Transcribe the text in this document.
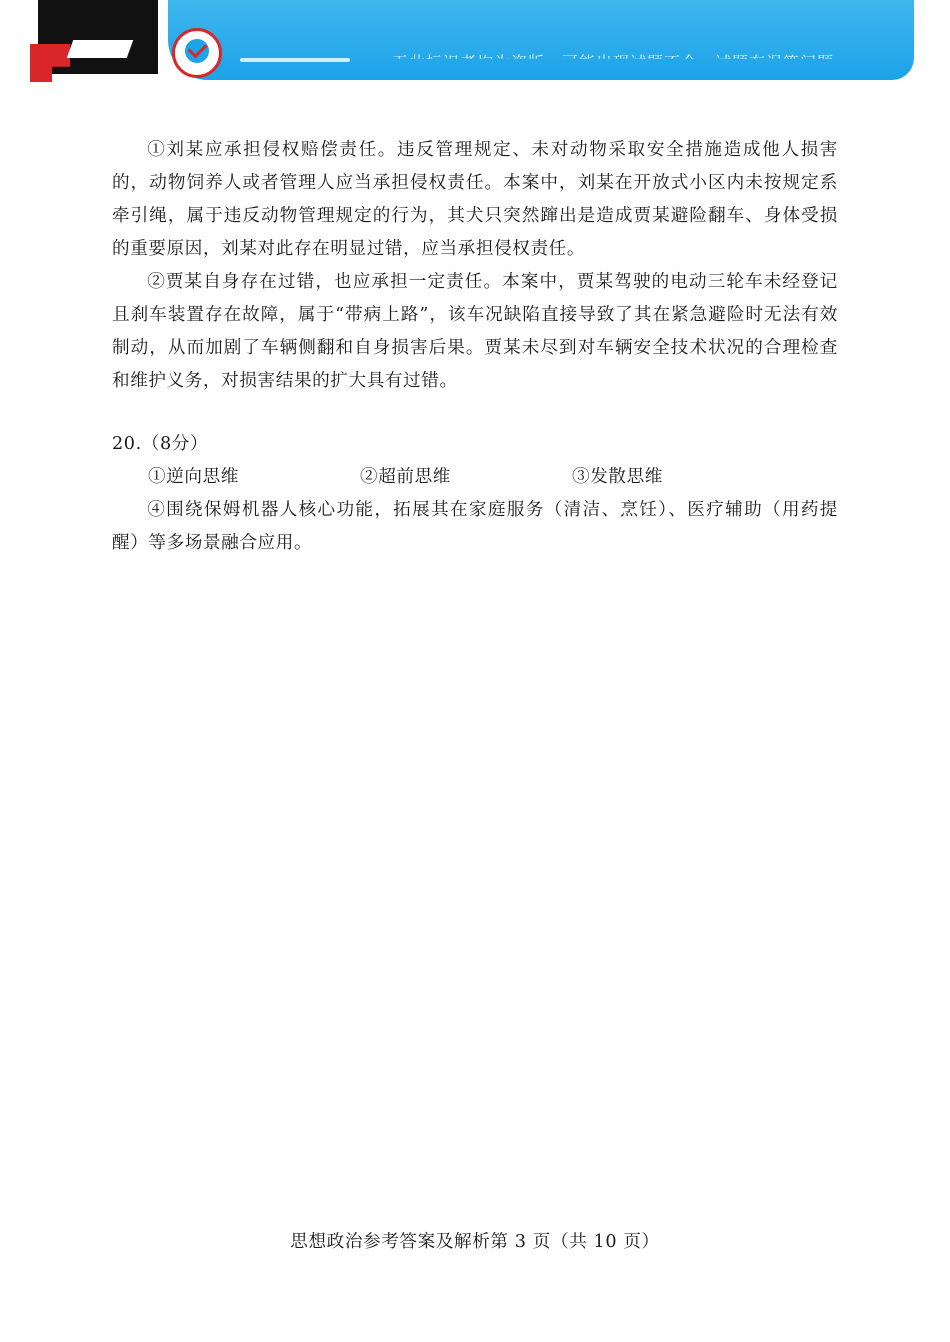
①刘某应承担侵权赔偿责任。违反管理规定、未对动物采取安全措施造成他人损害的，动物饲养人或者管理人应当承担侵权责任。本案中，刘某在开放式小区内未按规定系牵引绳，属于违反动物管理规定的行为，其犬只突然蹿出是造成贾某避险翻车、身体受损的重要原因，刘某对此存在明显过错，应当承担侵权责任。

②贾某自身存在过错，也应承担一定责任。本案中，贾某驾驶的电动三轮车未经登记且刹车装置存在故障，属于“带病上路”，该车况缺陷直接导致了其在紧急避险时无法有效制动，从而加剧了车辆侧翻和自身损害后果。贾某未尽到对车辆安全技术状况的合理检查和维护义务，对损害结果的扩大具有过错。

20.（8分）

①逆向思维	②超前思维	③发散思维

④围绕保姆机器人核心功能，拓展其在家庭服务（清洁、烹饪）、医疗辅助（用药提醒）等多场景融合应用。

思想政治参考答案及解析第 3 页（共 10 页）
